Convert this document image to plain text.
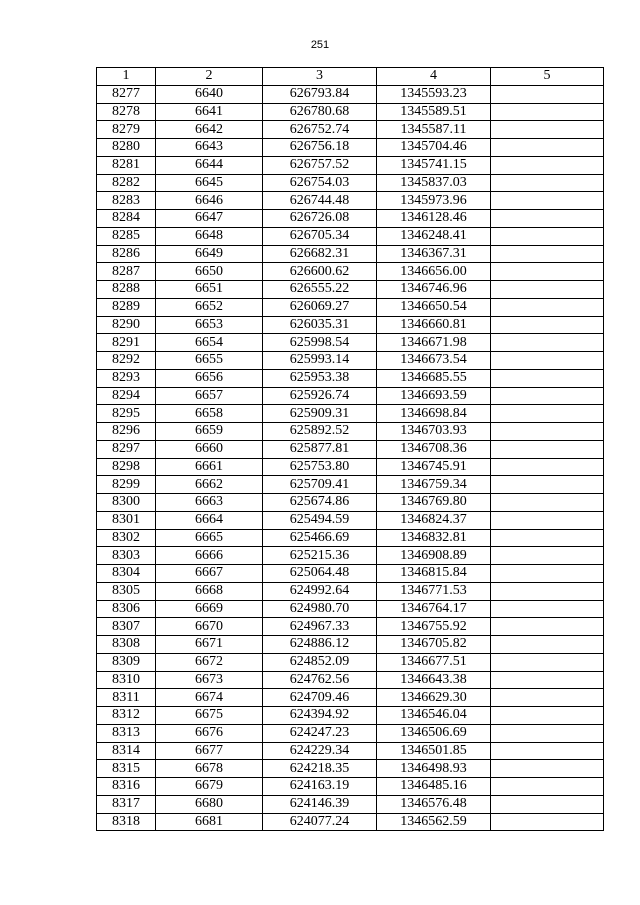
251
1	2	3	4	5
8277	6640	626793.84	1345593.23	
8278	6641	626780.68	1345589.51	
8279	6642	626752.74	1345587.11	
8280	6643	626756.18	1345704.46	
8281	6644	626757.52	1345741.15	
8282	6645	626754.03	1345837.03	
8283	6646	626744.48	1345973.96	
8284	6647	626726.08	1346128.46	
8285	6648	626705.34	1346248.41	
8286	6649	626682.31	1346367.31	
8287	6650	626600.62	1346656.00	
8288	6651	626555.22	1346746.96	
8289	6652	626069.27	1346650.54	
8290	6653	626035.31	1346660.81	
8291	6654	625998.54	1346671.98	
8292	6655	625993.14	1346673.54	
8293	6656	625953.38	1346685.55	
8294	6657	625926.74	1346693.59	
8295	6658	625909.31	1346698.84	
8296	6659	625892.52	1346703.93	
8297	6660	625877.81	1346708.36	
8298	6661	625753.80	1346745.91	
8299	6662	625709.41	1346759.34	
8300	6663	625674.86	1346769.80	
8301	6664	625494.59	1346824.37	
8302	6665	625466.69	1346832.81	
8303	6666	625215.36	1346908.89	
8304	6667	625064.48	1346815.84	
8305	6668	624992.64	1346771.53	
8306	6669	624980.70	1346764.17	
8307	6670	624967.33	1346755.92	
8308	6671	624886.12	1346705.82	
8309	6672	624852.09	1346677.51	
8310	6673	624762.56	1346643.38	
8311	6674	624709.46	1346629.30	
8312	6675	624394.92	1346546.04	
8313	6676	624247.23	1346506.69	
8314	6677	624229.34	1346501.85	
8315	6678	624218.35	1346498.93	
8316	6679	624163.19	1346485.16	
8317	6680	624146.39	1346576.48	
8318	6681	624077.24	1346562.59	
